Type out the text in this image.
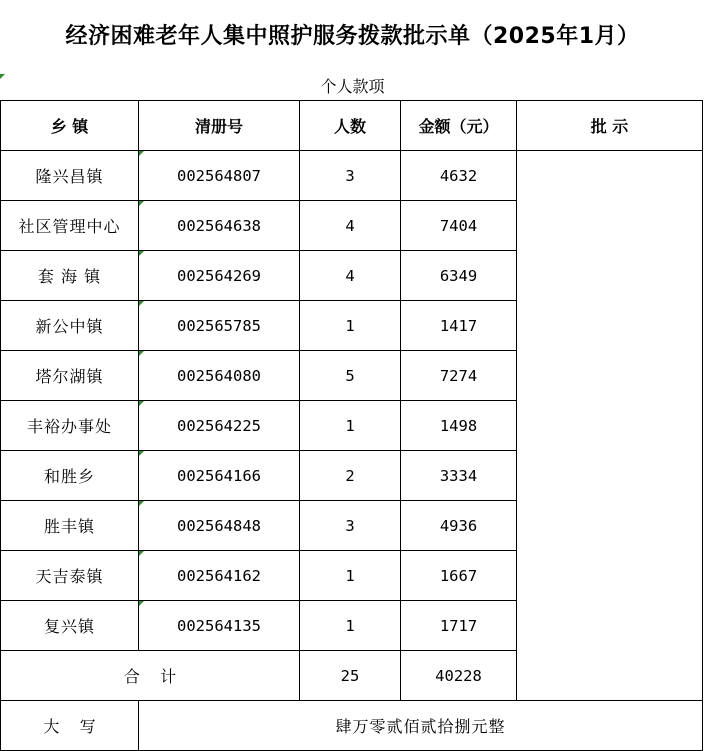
经济困难老年人集中照护服务拨款批示单（2025年1月）
个人款项
乡 镇	清册号	人数	金额（元）	批 示
隆兴昌镇	002564807	3	4632	
社区管理中心	002564638	4	7404	
套 海 镇	002564269	4	6349	
新公中镇	002565785	1	1417	
塔尔湖镇	002564080	5	7274	
丰裕办事处	002564225	1	1498	
和胜乡	002564166	2	3334	
胜丰镇	002564848	3	4936	
天吉泰镇	002564162	1	1667	
复兴镇	002564135	1	1717	
合    计		25	40228	
大    写	肆万零贰佰贰拾捌元整			
